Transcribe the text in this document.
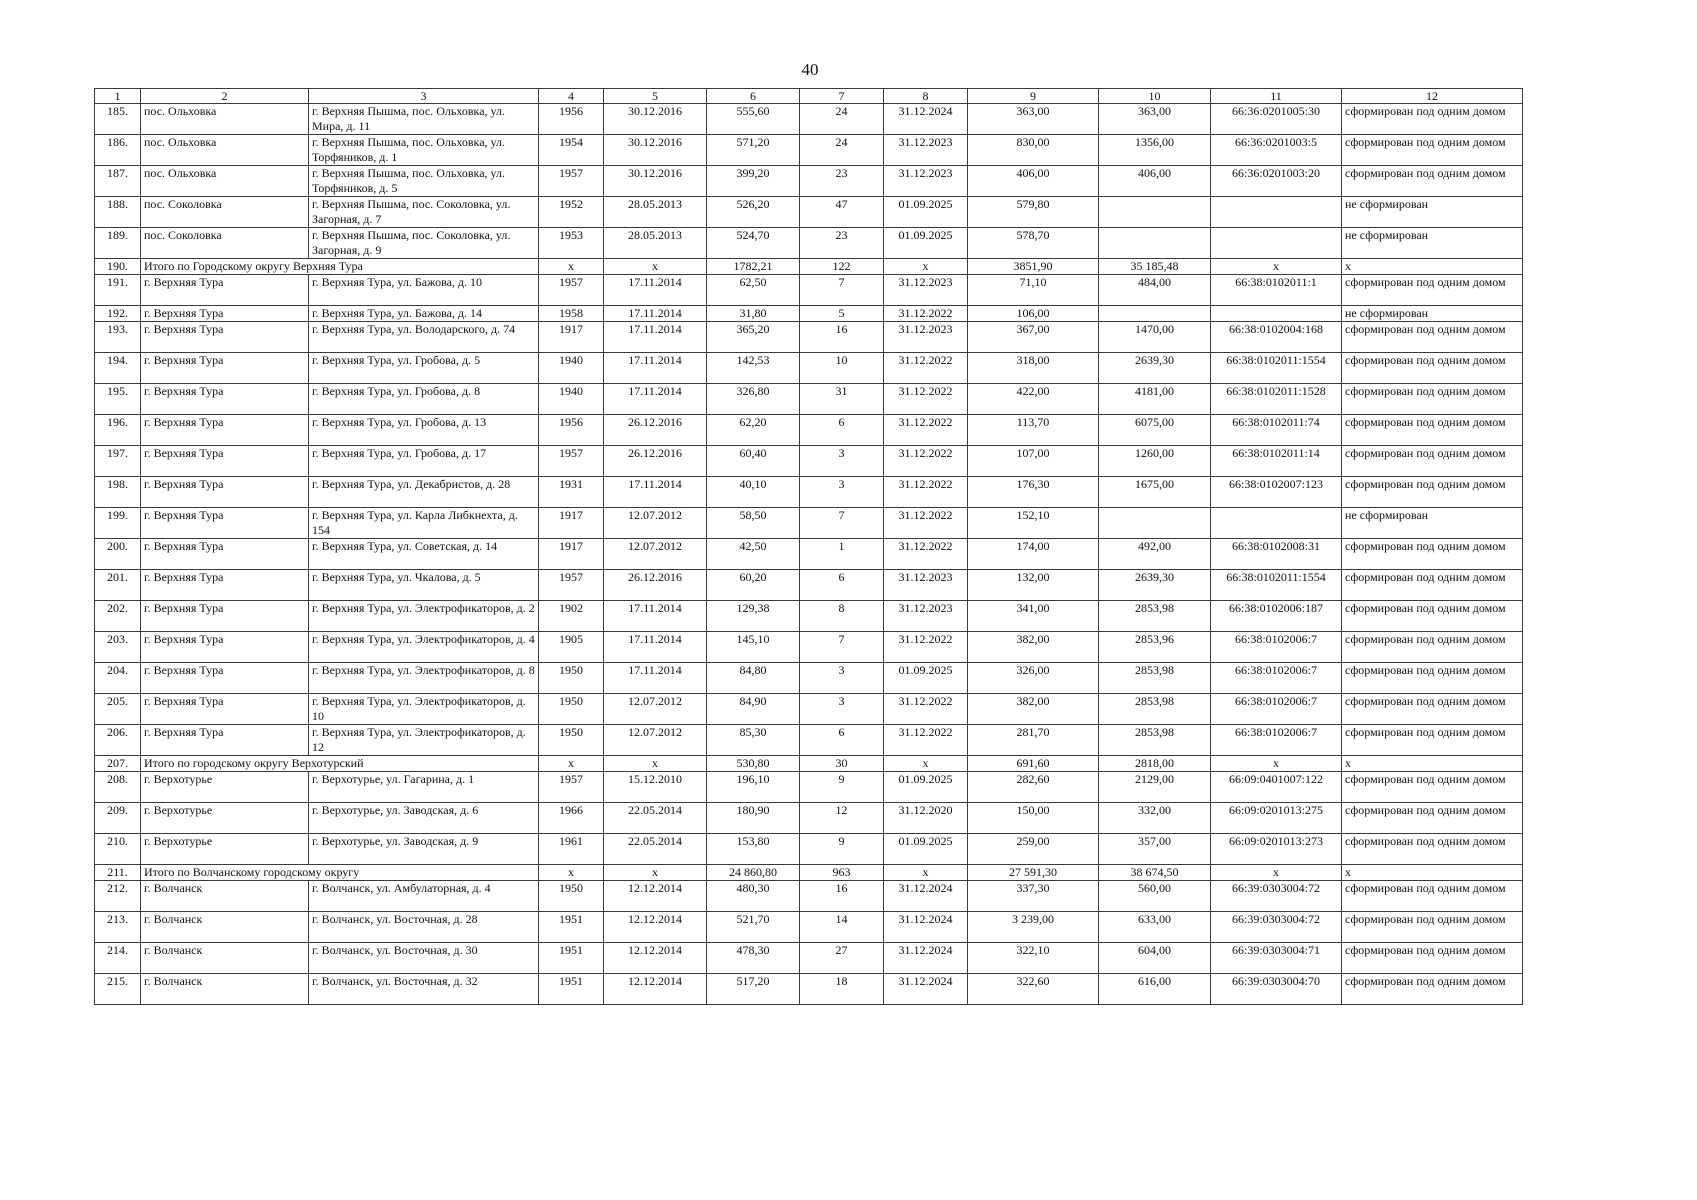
40
1	2	3	4	5	6	7	8	9	10	11	12
185.	пос. Ольховка	г. Верхняя Пышма, пос. Ольховка, ул. Мира, д. 11	1956	30.12.2016	555,60	24	31.12.2024	363,00	363,00	66:36:0201005:30	сформирован под одним домом
186.	пос. Ольховка	г. Верхняя Пышма, пос. Ольховка, ул. Торфяников, д. 1	1954	30.12.2016	571,20	24	31.12.2023	830,00	1356,00	66:36:0201003:5	сформирован под одним домом
187.	пос. Ольховка	г. Верхняя Пышма, пос. Ольховка, ул. Торфяников, д. 5	1957	30.12.2016	399,20	23	31.12.2023	406,00	406,00	66:36:0201003:20	сформирован под одним домом
188.	пос. Соколовка	г. Верхняя Пышма, пос. Соколовка, ул. Загорная, д. 7	1952	28.05.2013	526,20	47	01.09.2025	579,80			не сформирован
189.	пос. Соколовка	г. Верхняя Пышма, пос. Соколовка, ул. Загорная, д. 9	1953	28.05.2013	524,70	23	01.09.2025	578,70			не сформирован
190.	Итого по Городскому округу Верхняя Тура		x	x	1782,21	122	x	3851,90	35 185,48	x	x
191.	г. Верхняя Тура	г. Верхняя Тура, ул. Бажова, д. 10	1957	17.11.2014	62,50	7	31.12.2023	71,10	484,00	66:38:0102011:1	сформирован под одним домом
192.	г. Верхняя Тура	г. Верхняя Тура, ул. Бажова, д. 14	1958	17.11.2014	31,80	5	31.12.2022	106,00			не сформирован
193.	г. Верхняя Тура	г. Верхняя Тура, ул. Володарского, д. 74	1917	17.11.2014	365,20	16	31.12.2023	367,00	1470,00	66:38:0102004:168	сформирован под одним домом
194.	г. Верхняя Тура	г. Верхняя Тура, ул. Гробова, д. 5	1940	17.11.2014	142,53	10	31.12.2022	318,00	2639,30	66:38:0102011:1554	сформирован под одним домом
195.	г. Верхняя Тура	г. Верхняя Тура, ул. Гробова, д. 8	1940	17.11.2014	326,80	31	31.12.2022	422,00	4181,00	66:38:0102011:1528	сформирован под одним домом
196.	г. Верхняя Тура	г. Верхняя Тура, ул. Гробова, д. 13	1956	26.12.2016	62,20	6	31.12.2022	113,70	6075,00	66:38:0102011:74	сформирован под одним домом
197.	г. Верхняя Тура	г. Верхняя Тура, ул. Гробова, д. 17	1957	26.12.2016	60,40	3	31.12.2022	107,00	1260,00	66:38:0102011:14	сформирован под одним домом
198.	г. Верхняя Тура	г. Верхняя Тура, ул. Декабристов, д. 28	1931	17.11.2014	40,10	3	31.12.2022	176,30	1675,00	66:38:0102007:123	сформирован под одним домом
199.	г. Верхняя Тура	г. Верхняя Тура, ул. Карла Либкнехта, д. 154	1917	12.07.2012	58,50	7	31.12.2022	152,10			не сформирован
200.	г. Верхняя Тура	г. Верхняя Тура, ул. Советская, д. 14	1917	12.07.2012	42,50	1	31.12.2022	174,00	492,00	66:38:0102008:31	сформирован под одним домом
201.	г. Верхняя Тура	г. Верхняя Тура, ул. Чкалова, д. 5	1957	26.12.2016	60,20	6	31.12.2023	132,00	2639,30	66:38:0102011:1554	сформирован под одним домом
202.	г. Верхняя Тура	г. Верхняя Тура, ул. Электрофикаторов, д. 2	1902	17.11.2014	129,38	8	31.12.2023	341,00	2853,98	66:38:0102006:187	сформирован под одним домом
203.	г. Верхняя Тура	г. Верхняя Тура, ул. Электрофикаторов, д. 4	1905	17.11.2014	145,10	7	31.12.2022	382,00	2853,96	66:38:0102006:7	сформирован под одним домом
204.	г. Верхняя Тура	г. Верхняя Тура, ул. Электрофикаторов, д. 8	1950	17.11.2014	84,80	3	01.09.2025	326,00	2853,98	66:38:0102006:7	сформирован под одним домом
205.	г. Верхняя Тура	г. Верхняя Тура, ул. Электрофикаторов, д. 10	1950	12.07.2012	84,90	3	31.12.2022	382,00	2853,98	66:38:0102006:7	сформирован под одним домом
206.	г. Верхняя Тура	г. Верхняя Тура, ул. Электрофикаторов, д. 12	1950	12.07.2012	85,30	6	31.12.2022	281,70	2853,98	66:38:0102006:7	сформирован под одним домом
207.	Итого по городскому округу Верхотурский		x	x	530,80	30	x	691,60	2818,00	x	x
208.	г. Верхотурье	г. Верхотурье, ул. Гагарина, д. 1	1957	15.12.2010	196,10	9	01.09.2025	282,60	2129,00	66:09:0401007:122	сформирован под одним домом
209.	г. Верхотурье	г. Верхотурье, ул. Заводская, д. 6	1966	22.05.2014	180,90	12	31.12.2020	150,00	332,00	66:09:0201013:275	сформирован под одним домом
210.	г. Верхотурье	г. Верхотурье, ул. Заводская, д. 9	1961	22.05.2014	153,80	9	01.09.2025	259,00	357,00	66:09:0201013:273	сформирован под одним домом
211.	Итого по Волчанскому городскому округу		x	x	24 860,80	963	x	27 591,30	38 674,50	x	x
212.	г. Волчанск	г. Волчанск, ул. Амбулаторная, д. 4	1950	12.12.2014	480,30	16	31.12.2024	337,30	560,00	66:39:0303004:72	сформирован под одним домом
213.	г. Волчанск	г. Волчанск, ул. Восточная, д. 28	1951	12.12.2014	521,70	14	31.12.2024	3 239,00	633,00	66:39:0303004:72	сформирован под одним домом
214.	г. Волчанск	г. Волчанск, ул. Восточная, д. 30	1951	12.12.2014	478,30	27	31.12.2024	322,10	604,00	66:39:0303004:71	сформирован под одним домом
215.	г. Волчанск	г. Волчанск, ул. Восточная, д. 32	1951	12.12.2014	517,20	18	31.12.2024	322,60	616,00	66:39:0303004:70	сформирован под одним домом
